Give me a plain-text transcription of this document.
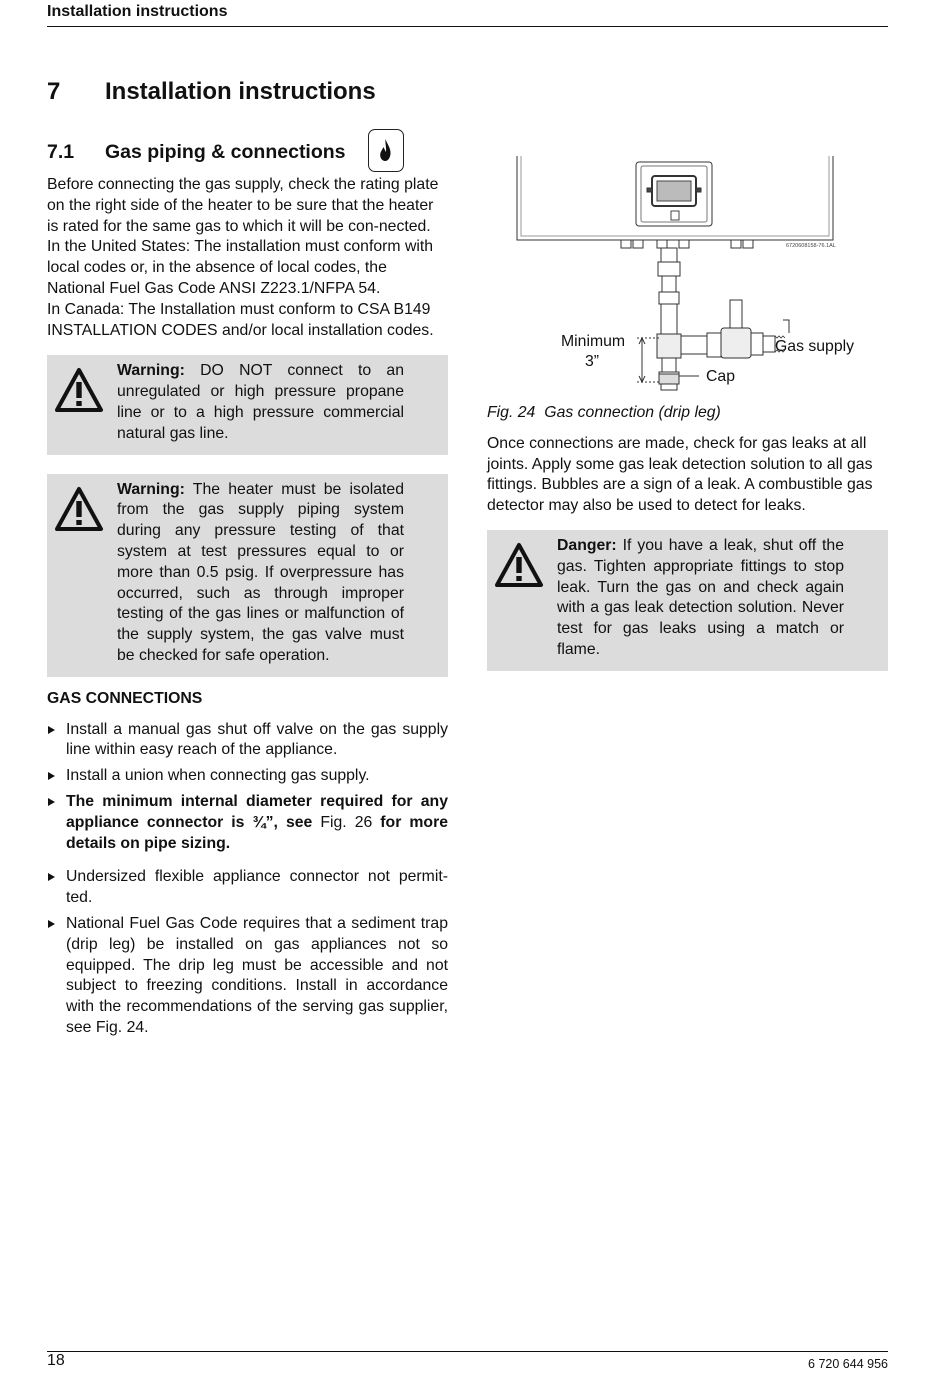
Installation instructions
7 Installation instructions
7.1 Gas piping & connections

Before connecting the gas supply, check the rating plate on the right side of the heater to be sure that the heater is rated for the same gas to which it will be con-nected.

In the United States: The installation must conform with local codes or, in the absence of local codes, the National Fuel Gas Code ANSI Z223.1/NFPA 54.

In Canada: The Installation must conform to CSA B149 INSTALLATION CODES and/or local installation codes.

Warning: DO NOT connect to an unregulated or high pressure propane line or to a high pressure commercial natural gas line.
Warning: The heater must be isolated from the gas supply piping system during any pressure testing of that system at test pressures equal to or more than 0.5 psig. If overpressure has occurred, such as through improper testing of the gas lines or malfunction of the supply system, the gas valve must be checked for safe operation.
GAS CONNECTIONS
Install a manual gas shut off valve on the gas supply line within easy reach of the appliance.
Install a union when connecting gas supply.
The minimum internal diameter required for any appliance connector is ¾”, see Fig. 26 for more details on pipe sizing.
Undersized flexible appliance connector not permit-ted.
National Fuel Gas Code requires that a sediment trap (drip leg) be installed on gas appliances not so equipped. The drip leg must be accessible and not subject to freezing conditions. Install in accordance with the recommendations of the serving gas supplier, see Fig. 24.
6720608158-76.1AL
Minimum
3”
Cap
Gas supply

Fig. 24 Gas connection (drip leg)

Once connections are made, check for gas leaks at all joints. Apply some gas leak detection solution to all gas fittings. Bubbles are a sign of a leak. A combustible gas detector may also be used to detect for leaks.

Danger: If you have a leak, shut off the gas. Tighten appropriate fittings to stop leak. Turn the gas on and check again with a gas leak detection solution. Never test for gas leaks using a match or flame.
18	6 720 644 956
